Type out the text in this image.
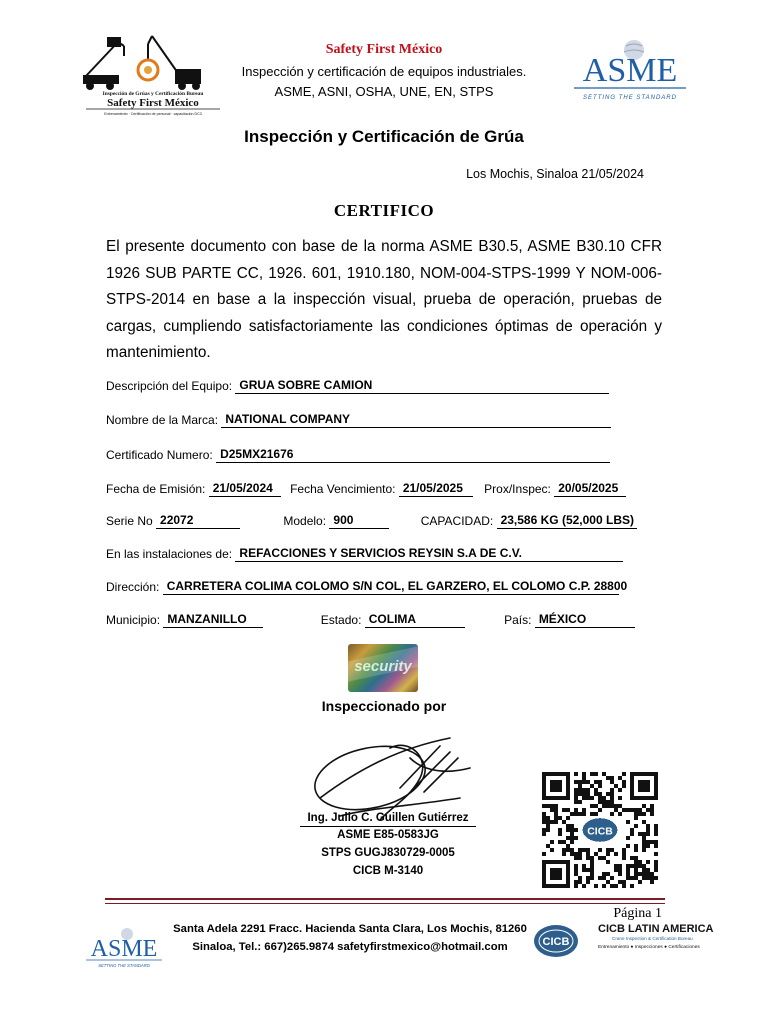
Inspección de Grúas y Certificación Bureau
Safety First México
Entrenamiento · Certificación de personal · capacitación DC3
Safety First México
Inspección y certificación de equipos industriales.
ASME, ASNI, OSHA, UNE, EN, STPS
ASME
SETTING THE STANDARD
Inspección y Certificación de Grúa
Los Mochis, Sinaloa 21/05/2024
CERTIFICO
El presente documento con base de la norma ASME B30.5, ASME B30.10 CFR 1926 SUB PARTE CC, 1926. 601, 1910.180, NOM-004-STPS-1999 Y NOM-006-STPS-2014 en base a la inspección visual, prueba de operación, pruebas de cargas, cumpliendo satisfactoriamente las condiciones óptimas de operación y mantenimiento.
Descripción del Equipo: GRUA SOBRE CAMION
Nombre de la Marca: NATIONAL COMPANY
Certificado Numero: D25MX21676
Fecha de Emisión: 21/05/2024 Fecha Vencimiento: 21/05/2025 Prox/Inspec: 20/05/2025
Serie No 22072	Modelo: 900	CAPACIDAD: 23,586 KG (52,000 LBS)
En las instalaciones de: REFACCIONES Y SERVICIOS REYSIN S.A DE C.V.
Dirección: CARRETERA COLIMA COLOMO S/N COL, EL GARZERO, EL COLOMO C.P. 28800
Municipio: MANZANILLO	Estado: COLIMA	País: MÉXICO
security
Inspeccionado por
Ing. Julio C. Guillen Gutiérrez
ASME E85-0583JG
STPS GUGJ830729-0005
CICB M-3140
CICB
Página 1
ASME
SETTING THE STANDARD
Santa Adela 2291 Fracc. Hacienda Santa Clara, Los Mochis, 81260
Sinaloa, Tel.: 667)265.9874 safetyfirstmexico@hotmail.com	CICB
CICB LATIN AMERICA
Crane Inspection & Certification Bureau
Entrenamiento ● Inspecciones ● Certificaciones
